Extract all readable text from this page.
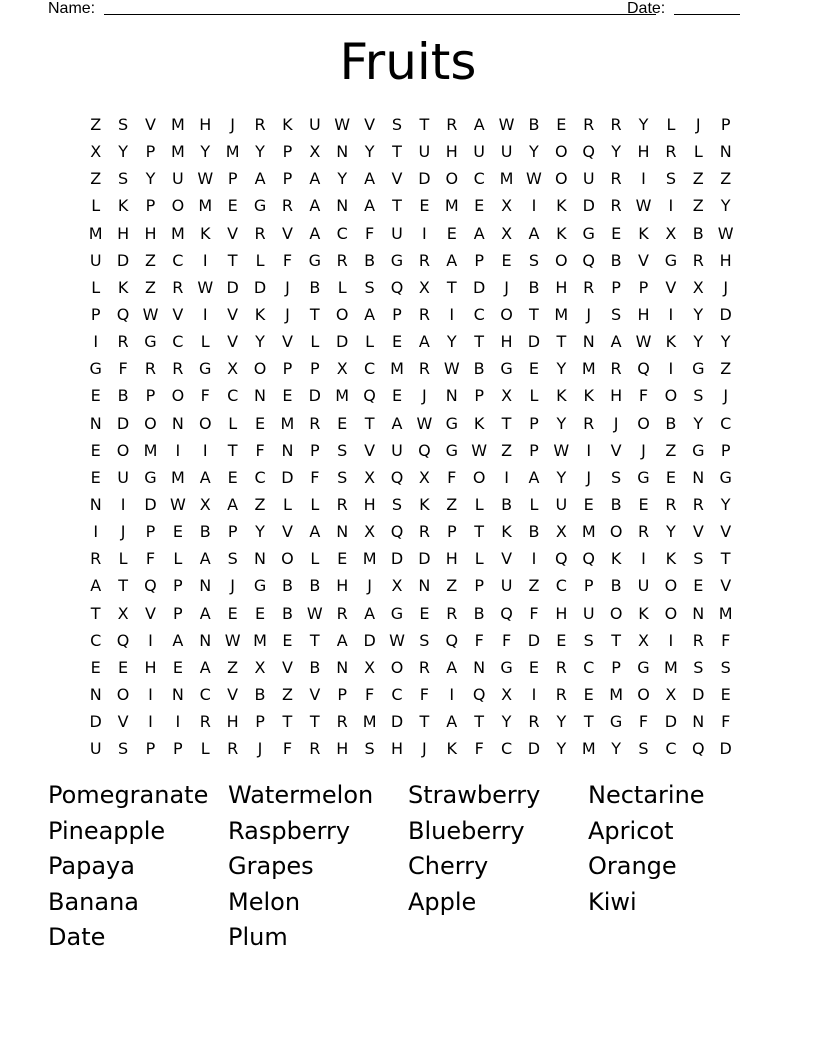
Name:	Date:
Fruits
Z	S	V M H	J	R	K	U W V	S	T	R	A W B	E	R	R	Y	L	J	P
X	Y	P M Y M Y	P	X N	Y	T	U H U U	Y	O Q	Y	H R	L	N
Z	S	Y	U W P	A	P	A	Y	A	V D O C M W O U R	I	S	Z	Z
L	K	P	O M E	G R	A N A	T	E M E	X	I	K D R W	I	Z	Y
M H H M K	V	R	V	A	C	F	U	I	E	A	X	A	K G	E	K	X	B W
U D Z	C	I	T	L	F	G R	B G R	A	P	E	S	O Q B	V G R H
L	K	Z	R W D D	J	B	L	S	Q X	T	D	J	B H R	P	P	V	X	J
P	Q W V	I	V	K	J	T	O A	P	R	I	C O	T M	J	S	H	I	Y	D
I	R G C	L	V	Y	V	L	D	L	E	A	Y	T	H D	T	N A W K	Y	Y
G	F	R	R G X O	P	P	X	C M R W B G	E	Y M R Q	I	G Z
E	B	P	O	F	C N	E	D M Q	E	J	N	P	X	L	K	K	H	F	O	S	J
N D O N O	L	E M R	E	T	A W G K	T	P	Y	R	J	O B	Y	C
E	O M	I	I	T	F	N	P	S	V	U Q G W Z	P W	I	V	J	Z G	P
E	U G M A	E	C D	F	S	X Q X	F	O	I	A	Y	J	S	G	E	N G
N	I	D W X	A	Z	L	L	R H	S	K	Z	L	B	L	U	E	B	E	R	R	Y
I	J	P	E	B	P	Y	V	A N X Q R	P	T	K	B	X M O R	Y	V	V
R	L	F	L	A	S	N O	L	E M D D H	L	V	I	Q Q K	I	K	S	T
A	T	Q	P	N	J	G B	B H	J	X N Z	P	U	Z	C	P	B	U O	E	V
T	X	V	P	A	E	E	B W R	A G	E	R	B Q	F	H U O K O N M
C Q	I	A N W M E	T	A D W S	Q	F	F	D	E	S	T	X	I	R	F
E	E	H	E	A	Z	X	V	B N X O R	A N G	E	R	C	P	G M S	S
N O	I	N C	V	B	Z	V	P	F	C	F	I	Q X	I	R	E M O X D	E
D V	I	I	R H	P	T	T	R M D	T	A	T	Y	R	Y	T	G	F	D N	F
U	S	P	P	L	R	J	F	R H	S	H	J	K	F	C D	Y M Y	S	C Q D
Pomegranate Watermelon	Strawberry	Nectarine
Pineapple	Raspberry	Blueberry	Apricot
Papaya	Grapes	Cherry	Orange
Banana	Melon	Apple	Kiwi
Date	Plum
